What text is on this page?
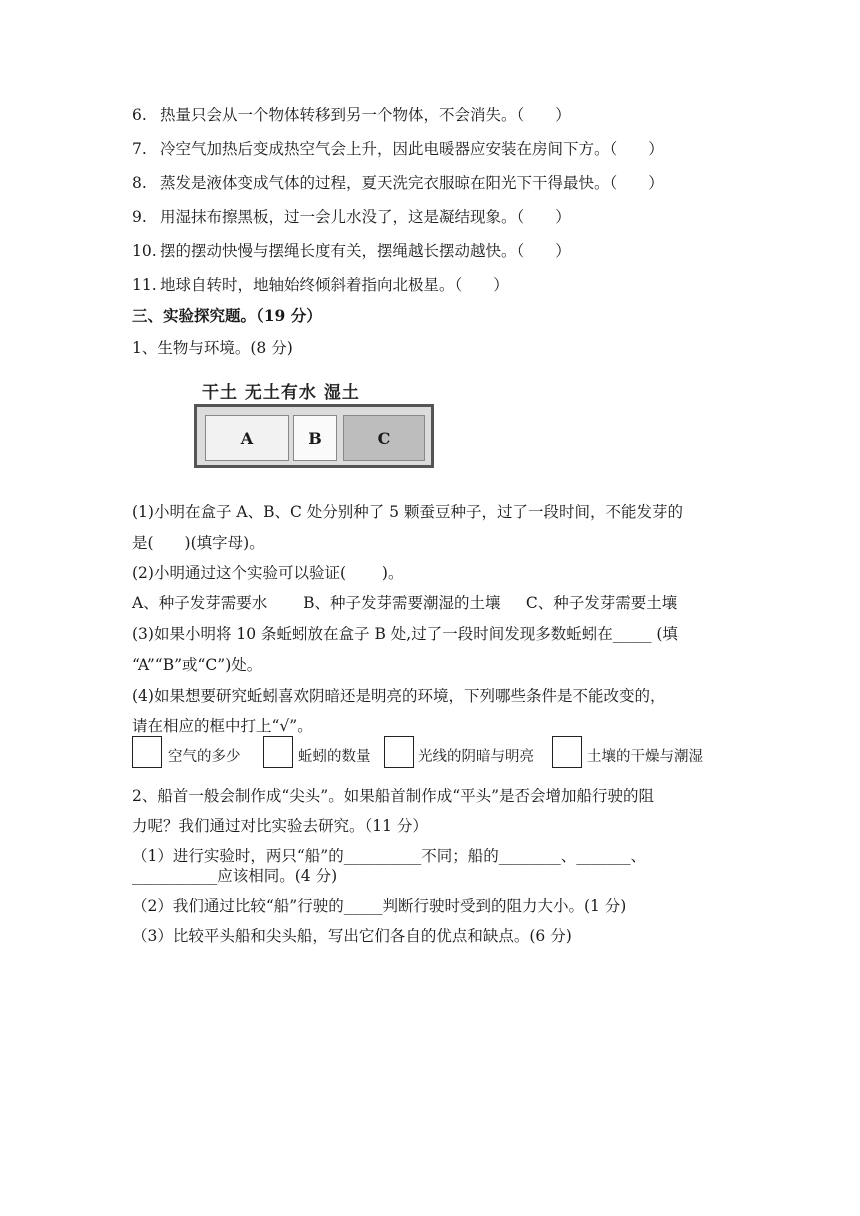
6. 热量只会从一个物体转移到另一个物体，不会消失。（　　）
7. 冷空气加热后变成热空气会上升，因此电暖器应安装在房间下方。（　　）
8. 蒸发是液体变成气体的过程，夏天洗完衣服晾在阳光下干得最快。（　　）
9. 用湿抹布擦黑板，过一会儿水没了，这是凝结现象。（　　）
10. 摆的摆动快慢与摆绳长度有关，摆绳越长摆动越快。（　　）
11. 地球自转时，地轴始终倾斜着指向北极星。（　　）
三、实验探究题。（19 分）
1、生物与环境。(8 分)
干土 无土有水 湿土
A	B	C
(1)小明在盒子 A、B、C 处分别种了 5 颗蚕豆种子，过了一段时间，不能发芽的
是(　　)(填字母)。
(2)小明通过这个实验可以验证(　　 )。
A、种子发芽需要水　　 B、种子发芽需要潮湿的土壤　  C、种子发芽需要土壤
(3)如果小明将 10 条蚯蚓放在盒子 B 处,过了一段时间发现多数蚯蚓在_____ (填
“A”“B”或“C”)处。
(4)如果想要研究蚯蚓喜欢阴暗还是明亮的环境，下列哪些条件是不能改变的，
请在相应的框中打上“√”。
空气的多少	蚯蚓的数量	光线的阴暗与明亮	土壤的干燥与潮湿
2、船首一般会制作成“尖头”。如果船首制作成“平头”是否会增加船行驶的阻
力呢？我们通过对比实验去研究。（11 分）
（1）进行实验时，两只“船”的__________不同；船的________、_______、
___________应该相同。(4 分)
（2）我们通过比较“船”行驶的_____判断行驶时受到的阻力大小。(1 分)
（3）比较平头船和尖头船，写出它们各自的优点和缺点。(6 分)
